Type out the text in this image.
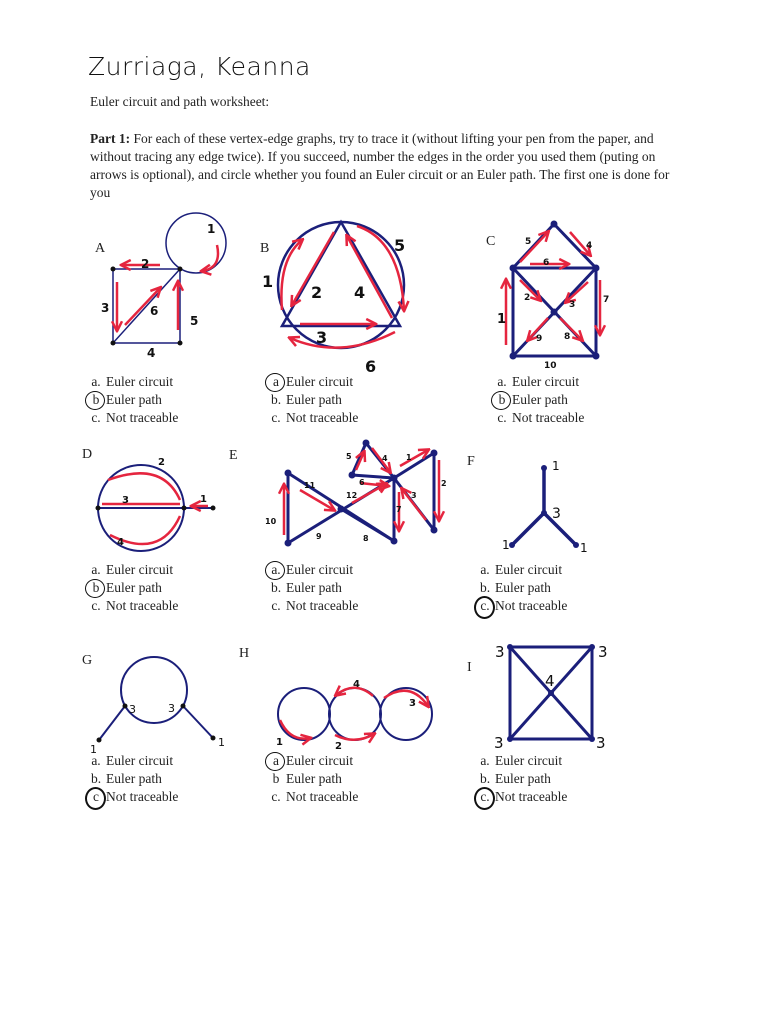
Zurriaga, Keanna
Euler circuit and path worksheet:
Part 1: For each of these vertex-edge graphs, try to trace it (without lifting your pen from the paper, and without tracing any edge twice). If you succeed, number the edges in the order you used them (puting on arrows is optional), and circle whether you found an Euler circuit or an Euler path. The first one is done for you
A	B	C
D	E	F
G	H
I
1
2
3
4
5
6
1
2
3
4
5
6
1
2
3
4
5
6
7
8
9
10
1
2
3
4
1
2
3
4
5
6
7
8
9
10
11
12
1
3
1	1
1
3	3
1	1	2
3
4
3	3
3	3
4
a. Euler circuit
b Euler path
c. Not traceable
a Euler circuit
b. Euler path
c. Not traceable
a. Euler circuit
b Euler path
c. Not traceable
a. Euler circuit
b Euler path
c. Not traceable
a. Euler circuit
b. Euler path
c. Not traceable
a. Euler circuit
b. Euler path
c. Not traceable
a. Euler circuit
b. Euler path
c Not traceable
a Euler circuit
b Euler path
c. Not traceable
a. Euler circuit
b. Euler path
c. Not traceable
